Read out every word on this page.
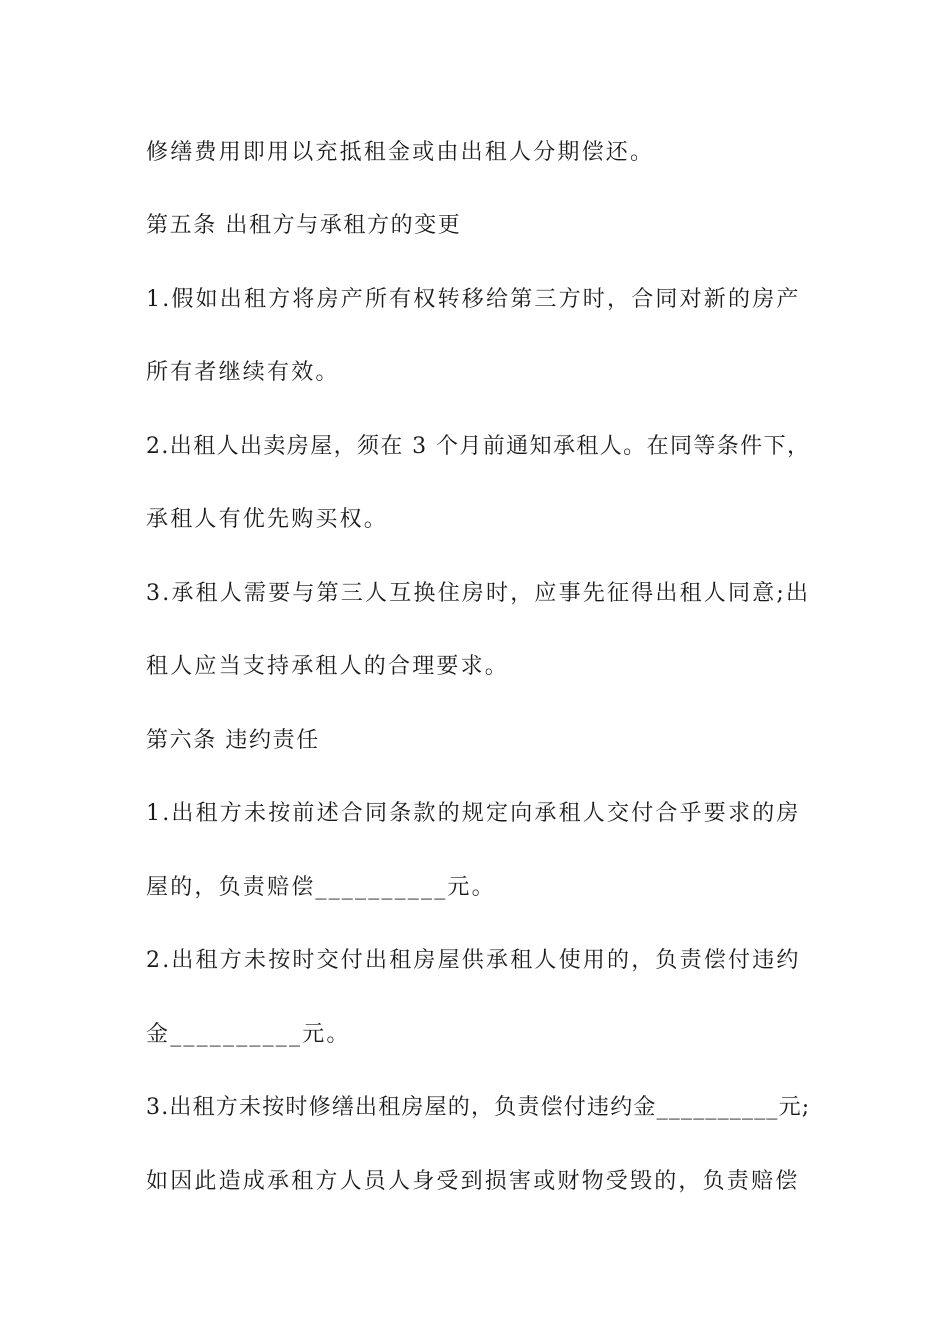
修缮费用即用以充抵租金或由出租人分期偿还。

第五条 出租方与承租方的变更

1.假如出租方将房产所有权转移给第三方时，合同对新的房产

所有者继续有效。

2.出租人出卖房屋，须在 3 个月前通知承租人。在同等条件下，

承租人有优先购买权。

3.承租人需要与第三人互换住房时，应事先征得出租人同意;出

租人应当支持承租人的合理要求。

第六条 违约责任

1.出租方未按前述合同条款的规定向承租人交付合乎要求的房

屋的，负责赔偿__________元。

2.出租方未按时交付出租房屋供承租人使用的，负责偿付违约

金__________元。

3.出租方未按时修缮出租房屋的，负责偿付违约金__________元;

如因此造成承租方人员人身受到损害或财物受毁的，负责赔偿
